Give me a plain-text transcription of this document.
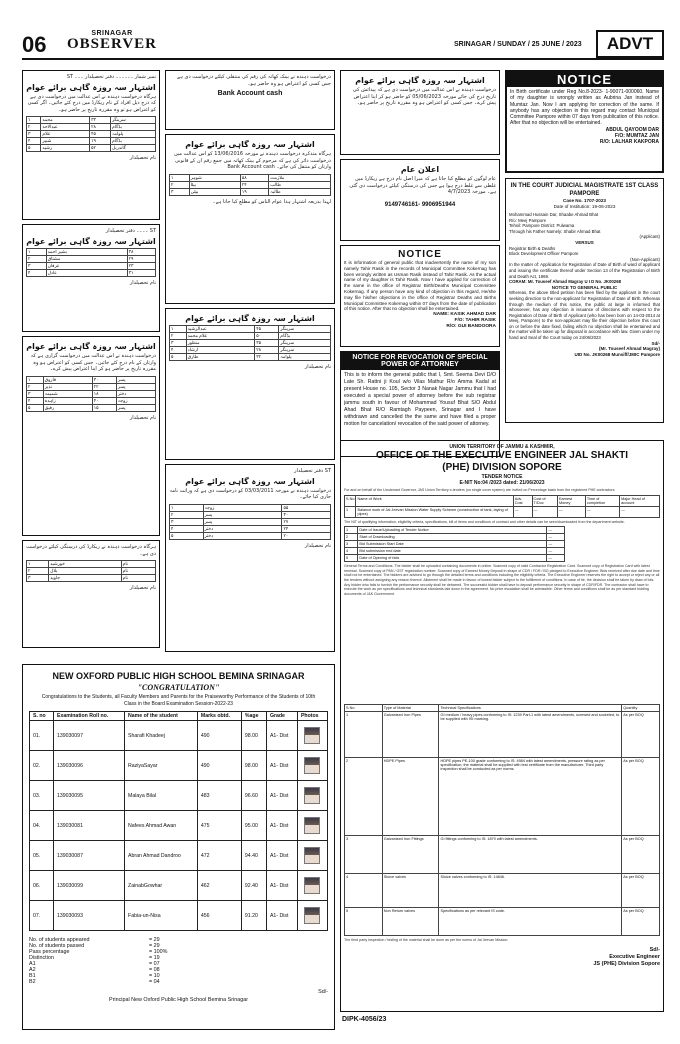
06	SRINAGAR
OBSERVER	SRINAGAR / SUNDAY / 25 JUNE / 2023	ADVT
نمبر شمار ۔۔۔۔۔۔ دفتر تحصیلدار ۔۔۔ ST
اشتہار سہ روزہ گاہی برائے عوام
ہرگاہ درخواست دہندہ نے اس عدالت میں درخواست دی ہے کہ درج ذیل افراد کے نام ریکارڈ میں درج کئے جائیں۔ اگر کسی کو اعتراض ہو تو وہ مقررہ تاریخ پر حاضر ہو۔
۱	محمد	۳۳	سرینگر
۲	عبدالاحد	۲۸	بڈگام
۳	غلام	۴۵	پلوامہ
۴	شبیر	۱۹	بڈگام
۵	رشید	۵۲	گاندربل
نام تحصیلدار
ST ۔۔۔۔ دفتر تحصیلدار
اشتہار سہ روزہ گاہی برائے عوام
۱	بشیر احمد	۳۸
۲	مشتاق	۲۹
۳	عرفان	۲۳
۴	عادل	۳۱
نام تحصیلدار
اشتہار سہ روزہ گاہی برائے عوام
درخواست دہندہ نے اس عدالت میں درخواست گزاری ہے کہ وارثان کے نام درج کئے جائیں۔ جس کسی کو اعتراض ہو وہ مقررہ تاریخ پر حاضر ہو کر اپنا اعتراض پیش کرے۔
۱	فاروق	۳۰	پسر
۲	نذیر	۲۲	پسر
۳	شمیمہ	۱۸	دختر
۴	زاہدہ	۴۰	زوجہ
۵	رفیق	۱۵	پسر
نام تحصیلدار
ہرگاہ درخواست دہندہ نے ریکارڈ کی درستگی کیلئے درخواست دی ہے۔
۱	خورشید	نام
۲	بلال	نام
۳	جاوید	نام
نام تحصیلدار
درخواست دہندہ نے بینک کھاتہ کی رقم کی منتقلی کیلئے درخواست دی ہے جس کسی کو اعتراض ہو وہ حاضر ہو۔
Bank Account cash
اشتہار سہ روزہ گاہی برائے عوام
ہرگاہ متذکرہ درخواست دہندہ نے مورخہ 13/06/2016 کو اس عدالت میں درخواست دائر کی ہے کہ مرحوم کے بینک کھاتہ میں جمع رقم ان کے قانونی وارثان کو منتقل کی جائے۔ Bank Account cash
۱	شوہر	۵۸	ملازمت
۲	بیٹا	۲۴	طالب
۳	بیٹی	۱۹	طالبہ
لہذا بذریعہ اشتہار ہذا عوام الناس کو مطلع کیا جاتا ہے۔
اشتہار سہ روزہ گاہی برائے عوام
۱	عبدالرشید	۴۵	سرینگر
۲	غلام محمد	۵۰	بڈگام
۳	منظور	۳۵	سرینگر
۴	ارشاد	۲۸	سرینگر
۵	طارق	۳۲	پلوامہ
نام تحصیلدار
ST دفتر تحصیلدار
اشتہار سہ روزہ گاہی برائے عوام
درخواست دہندہ نے مورخہ 03/03/2011 کو درخواست دی ہے کہ وراثت نامہ جاری کیا جائے۔
۱	زوجہ	۵۵
۲	پسر	۳۰
۳	پسر	۲۷
۴	دختر	۲۴
۵	دختر	۲۰
نام تحصیلدار
اشتہار سہ روزہ گاہی برائے عوام
درخواست دہندہ نے اس عدالت میں درخواست دی ہے کہ پیدائش کی تاریخ درج کی جائے مورخہ 05/06/2023 کو حاضر ہو کر اپنا اعتراض پیش کرے۔ جس کسی کو اعتراض ہو وہ مقررہ تاریخ پر حاضر ہو۔
اعلان عام
عام لوگوں کو مطلع کیا جاتا ہے کہ میرا اصل نام درج ہے ریکارڈ میں غلطی سے غلط درج ہوا ہے جس کی درستگی کیلئے درخواست دی گئی ہے۔ مورخہ 4/7/2023
9149746161- 9906951944
NOTICE
It is information of general public that inadvertently the name of my son namely Tahir Rasik in the records of Municipal Committee Kokernag has been wrongly written as Usman Rasik instead of Tahir Rasik. As the actual name of my daughter is Tahir Rasik. Now I have applied for correction of the same in the office of Registrar Birth/Deaths Municipal Committee Kokernag. If any person have any kind of objection in this regard, He/she may file his/her objections in the office of Registrar Deaths and Births Municipal Committee Kokernag within 07 days from the date of publication of this notice. After that no objection shall be entertained.
NAME: KASIK AHMAD DAR
F/O: TAHIR RASIK
R/O: GUI BANDOORA
NOTICE FOR REVOCATION OF SPECIAL POWER OF ATTORNEY
This is to inform the general public that I, Smt. Seema Devi D/O Late Sh. Rattni ji Koul w/o Vilas Mathur R/o Amma Kadal at present House no. 105, Sector 3 Nanak Nagar Jammu that I had executed a special power of attorney before the sub registrar jammu south in favour of Mohammad Yousuf Bhat S/O Abdul Ahad Bhat R/O Ramtagh Paypeen, Srinagar and I have withdrawn and cancelled the the same and have filed a proper motion for cancelation/ revocation of the said power of attorney.
NOTICE
In Birth certificate under Reg No.8-2023- 1-90071-000060. Name of my daughter is wrongly written as Aubrina Jan instead of Mumtaz Jan. Now I am applying for correction of the same. If anybody has any objection in this regard may contact Municipal Committee Pampore within 07 days from publication of this notice. After that no objection will be entertained.
ABDUL QAYOOM DAR
F/O: MUMTAZ JAN
R/O: LALHAR KAKPORA
IN THE COURT JUDICIAL MAGISTRATE 1ST CLASS PAMPORE
Case No. 1707-2023
Date of Institution: 19-06-2023
Mohammad Hussain Dar, Shaabe Ahmad Bhat
R/o: Meej Pampore
Tehsil: Pampore District: Pulwama
Through his Father Namely: Shabir Ahmad Bhat
(Applicant)
VERSUS
Registrar Birth & Deaths
Block Development Officer Pampore
(Non-Applicant)
In the matter of: Application for Registration of Date of Birth of ward of applicant and issuing the certificate thereof under Section 13 of the Registration of Birth and Death Act, 1969.
CORAM: Mr. Touseef Ahmad Magray U I D No. JK00268
NOTICE TO GENERAL PUBLIC
Whereas, the above titled petition has been filed by the applicant in the court seeking direction to the non-applicant for Registration of Date of Birth. Whereas through the medium of this notice, the public at large is informed that whosoever, has any objection in issuance of directions with respect to the Registration of Date of Birth of Applicant (who has been born on 14-03-2014 at Meej, Pampore) to the non-applicant may file their objection before this court on or before the date fixed, failing which no objection shall be entertained and the matter will be taken up for disposal in accordance with law. Given under my hand and Seal of the Court today on 24/06/2023
Sd/-
(Mr. Touseef Ahmad Magray)
UID No. JK00268 Munsiff/JMIC Pampore
UNION TERRITORY OF JAMMU & KASHMIR,
OFFICE OF THE EXECUTIVE ENGINEER JAL SHAKTI
(PHE) DIVISION SOPORE
TENDER NOTICE
E-NIT No:04 /2023 dated: 21/06/2023
For and on behalf of the Lieutenant Governor, JAS Union Territory e-tenders (on single cover system) are invited on Percentage basis from the registered PHE contractors.
S.No	Name of Work	Adv. Cost	Cost of T/Doc	Earnest Money	Time of completion	Major Head of account
1	Balance work of Jal Jeevan Mission Water Supply Scheme (construction of tank, laying of pipes)	—	—	—	—	—
The NIT of qualifying information, eligibility criteria, specifications, bill of items and conditions of contract and other details can be seen/downloaded from the department website.
1	Date of Issue/Uploading of Tender Notice	—
2	Start of Downloading	—
3	Bid Submission Start Date	—
4	Bid submission end date	—
5	Date of Opening of bids	—
General Terms and Conditions: The bidder shall be uploaded containing documents in online. Scanned copy of valid Contractor Registration Card. Scanned copy of Registration Card with latest renewal. Scanned copy of PAN / GST registration number. Scanned copy of Earnest Money Deposit in shape of CDR / FDR / BG pledged to Executive Engineer. Bids received after due date and time shall not be entertained. The bidders are advised to go through the detailed terms and conditions including the eligibility criteria. The Executive Engineer reserves the right to accept or reject any or all the tenders without assigning any reason thereof. Allotment shall be made in favour of lowest bidder subject to the fulfillment of conditions. In case of tie, the decision shall be taken by draw of lots. Any bidder who fails to furnish the performance security shall be debarred. The successful bidder shall have to deposit performance security in shape of CDR/FDR. The contractor shall have to execute the work as per specifications and technical standards laid down in the agreement. No price escalation shall be admissible. Other terms and conditions shall be as per standard bidding documents of J&K Government.
S.No	Type of Material	Technical Specifications	Quantity
1	Galvanised Iron Pipes	GI medium / heavy pipes conforming to IS: 1239 Part-1 with latest amendments, screwed and socketed, to be supplied with ISI marking.	As per BOQ
2	HDPE Pipes	HDPE pipes PE-100 grade conforming to IS: 4984 with latest amendments, pressure rating as per specification; the material shall be supplied with test certificate from the manufacturer. Third party inspection shall be conducted as per norms.	As per BOQ
3	Galvanised Iron Fittings	GI fittings conforming to IS: 1879 with latest amendments.	As per BOQ
4	Sluice valves	Sluice valves conforming to IS: 14846.	As per BOQ
5	Non Return valves	Specifications as per relevant IS code.	As per BOQ
The third party inspection / testing of the material shall be done as per the norms of Jal Jeevan Mission.
Sd/-
Executive Engineer
JS (PHE) Division Sopore
DIPK-4056/23
NEW OXFORD PUBLIC HIGH SCHOOL BEMINA SRINAGAR
"CONGRATULATION"
Congratulations to the Students, all Faculty Members and Parents for the Praiseworthy Performance of the Students of 10th Class in the Board Examination Session-2022-23
S. no	Examination Roll no.	Name of the student	Marks obtd.	%age	Grade	Photos
01.	139030097	Sharafi Khadeej	490	98.00	A1- Dist	

02.	139030096	RaziyaSayar	490	98.00	A1- Dist	

03.	139030095	Malaya Bilal	483	96.60	A1- Dist	

04.	139030081	Nafees Ahmad Awan	475	95.00	A1- Dist	

05.	139030087	Abran Ahmad Dandroo	472	94.40	A1- Dist	

06.	139030099	ZainabGowhar	462	92.40	A1- Dist	

07.	139030093	Fabia-un-Nisa	456	91.20	A1- Dist	
No. of students appeared	= 29
No. of students passed	= 29
Pass percentage	= 100%
Distinction	= 19
A1	= 07
A2	= 08
B1	= 10
B2	= 04
Sd/-
Principal New Oxford Public High School Bemina Srinagar
